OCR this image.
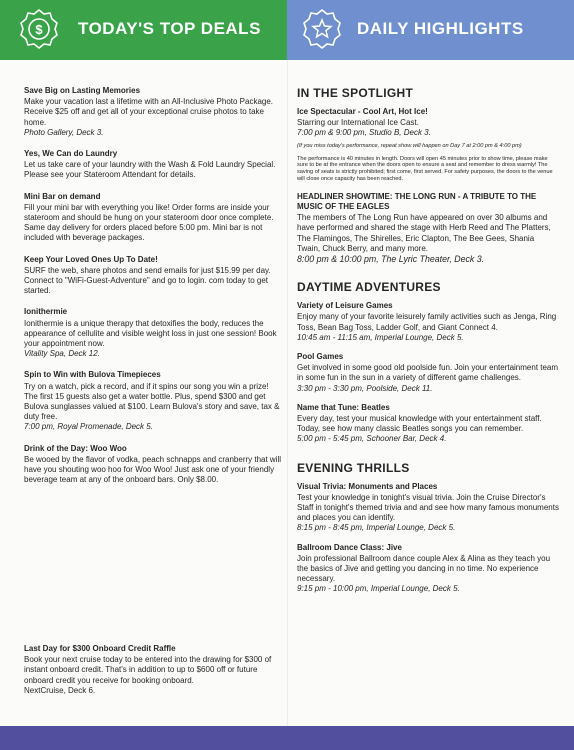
$ TODAY'S TOP DEALS	DAILY HIGHLIGHTS
Save Big on Lasting Memories

Make your vacation last a lifetime with an All-Inclusive Photo Package. Receive $25 off and get all of your exceptional cruise photos to take home.

Photo Gallery, Deck 3.

Yes, We Can do Laundry

Let us take care of your laundry with the Wash & Fold Laundry Special. Please see your Stateroom Attendant for details.

Mini Bar on demand

Fill your mini bar with everything you like! Order forms are inside your stateroom and should be hung on your stateroom door once complete. Same day delivery for orders placed before 5:00 pm. Mini bar is not included with beverage packages.

Keep Your Loved Ones Up To Date!

SURF the web, share photos and send emails for just $15.99 per day. Connect to "WiFi-Guest-Adventure" and go to login. com today to get started.

Ionithermie

Ionithermie is a unique therapy that detoxifies the body, reduces the appearance of cellulite and visible weight loss in just one session! Book your appointment now.

Vitality Spa, Deck 12.

Spin to Win with Bulova Timepieces

Try on a watch, pick a record, and if it spins our song you win a prize! The first 15 guests also get a water bottle. Plus, spend $300 and get Bulova sunglasses valued at $100. Learn Bulova's story and save, tax & duty free.

7:00 pm, Royal Promenade, Deck 5.

Drink of the Day: Woo Woo

Be wooed by the flavor of vodka, peach schnapps and cranberry that will have you shouting woo hoo for Woo Woo! Just ask one of your friendly beverage team at any of the onboard bars. Only $8.00.

Last Day for $300 Onboard Credit Raffle

Book your next cruise today to be entered into the drawing for $300 of instant onboard credit. That's in addition to up to $600 off or future onboard credit you receive for booking onboard.

NextCruise, Deck 6.

IN THE SPOTLIGHT
Ice Spectacular - Cool Art, Hot Ice!

Starring our International Ice Cast.

7:00 pm & 9:00 pm, Studio B, Deck 3.

(If you miss today's performance, repeat show will happen on Day 7 at 2:00 pm & 4:00 pm)

The performance is 40 minutes in length. Doors will open 45 minutes prior to show time, please make sure to be at the entrance when the doors open to ensure a seat and remember to dress warmly! The saving of seats is strictly prohibited; first come, first served. For safety purposes, the doors to the venue will close once capacity has been reached.

HEADLINER SHOWTIME: THE LONG RUN - A TRIBUTE TO THE MUSIC OF THE EAGLES

The members of The Long Run have appeared on over 30 albums and have performed and shared the stage with Herb Reed and The Platters, The Flamingos, The Shirelles, Eric Clapton, The Bee Gees, Shania Twain, Chuck Berry, and many more.

8:00 pm & 10:00 pm, The Lyric Theater, Deck 3.

DAYTIME ADVENTURES
Variety of Leisure Games

Enjoy many of your favorite leisurely family activities such as Jenga, Ring Toss, Bean Bag Toss, Ladder Golf, and Giant Connect 4.

10:45 am - 11:15 am, Imperial Lounge, Deck 5.

Pool Games

Get involved in some good old poolside fun. Join your entertainment team in some fun in the sun in a variety of different game challenges.

3:30 pm - 3:30 pm, Poolside, Deck 11.

Name that Tune: Beatles

Every day, test your musical knowledge with your entertainment staff. Today, see how many classic Beatles songs you can remember.

5:00 pm - 5:45 pm, Schooner Bar, Deck 4.

EVENING THRILLS
Visual Trivia: Monuments and Places

Test your knowledge in tonight's visual trivia. Join the Cruise Director's Staff in tonight's themed trivia and and see how many famous monuments and places you can identify.

8:15 pm - 8:45 pm, Imperial Lounge, Deck 5.

Ballroom Dance Class: Jive

Join professional Ballroom dance couple Alex & Alina as they teach you the basics of Jive and getting you dancing in no time. No experience necessary.

9:15 pm - 10:00 pm, Imperial Lounge, Deck 5.
